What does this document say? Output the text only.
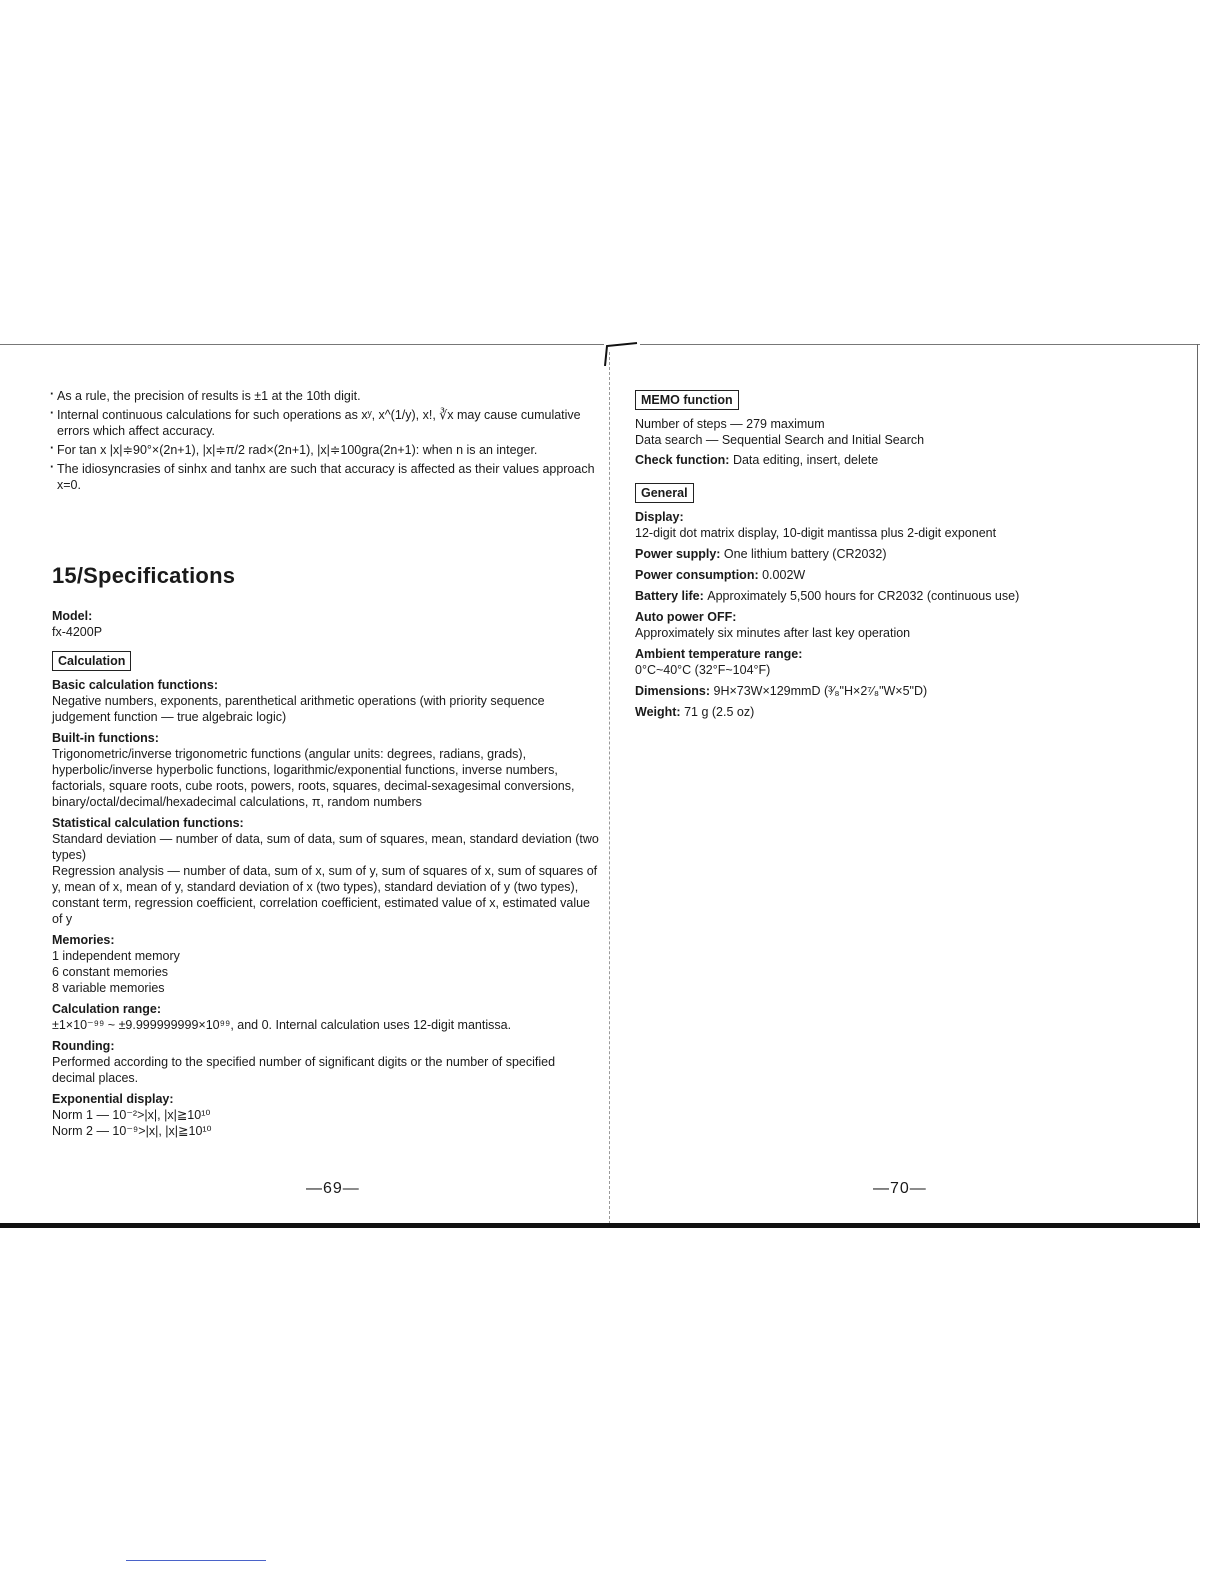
· As a rule, the precision of results is ±1 at the 10th digit.
· Internal continuous calculations for such operations as xʸ, x^(1/y), x!, ∛x may cause cumulative errors which affect accuracy.
· For tan x |x|≑90°×(2n+1), |x|≑π/2 rad×(2n+1), |x|≑100gra(2n+1): when n is an integer.
· The idiosyncrasies of sinhx and tanhx are such that accuracy is affected as their values approach x=0.
15/Specifications
Model:
fx-4200P
Calculation
Basic calculation functions:
Negative numbers, exponents, parenthetical arithmetic operations (with priority sequence judgement function — true algebraic logic)
Built-in functions:
Trigonometric/inverse trigonometric functions (angular units: degrees, radians, grads), hyperbolic/inverse hyperbolic functions, logarithmic/exponential functions, inverse numbers, factorials, square roots, cube roots, powers, roots, squares, decimal-sexagesimal conversions, binary/octal/decimal/hexadecimal calculations, π, random numbers
Statistical calculation functions:
Standard deviation — number of data, sum of data, sum of squares, mean, standard deviation (two types)
Regression analysis — number of data, sum of x, sum of y, sum of squares of x, sum of squares of y, mean of x, mean of y, standard deviation of x (two types), standard deviation of y (two types), constant term, regression coefficient, correlation coefficient, estimated value of x, estimated value of y
Memories:
1 independent memory
6 constant memories
8 variable memories
Calculation range:
±1×10⁻⁹⁹ ~ ±9.999999999×10⁹⁹, and 0. Internal calculation uses 12-digit mantissa.
Rounding:
Performed according to the specified number of significant digits or the number of specified decimal places.
Exponential display:
Norm 1 — 10⁻²>|x|, |x|≧10¹⁰
Norm 2 — 10⁻⁹>|x|, |x|≧10¹⁰
—69—
MEMO function
Number of steps — 279 maximum
Data search — Sequential Search and Initial Search
Check function: Data editing, insert, delete
General
Display:
12-digit dot matrix display, 10-digit mantissa plus 2-digit exponent
Power supply: One lithium battery (CR2032)
Power consumption: 0.002W
Battery life: Approximately 5,500 hours for CR2032 (continuous use)
Auto power OFF:
Approximately six minutes after last key operation
Ambient temperature range:
0°C~40°C (32°F~104°F)
Dimensions: 9H×73W×129mmD (³⁄₈"H×2⁷⁄₈"W×5"D)
Weight: 71 g (2.5 oz)
—70—
